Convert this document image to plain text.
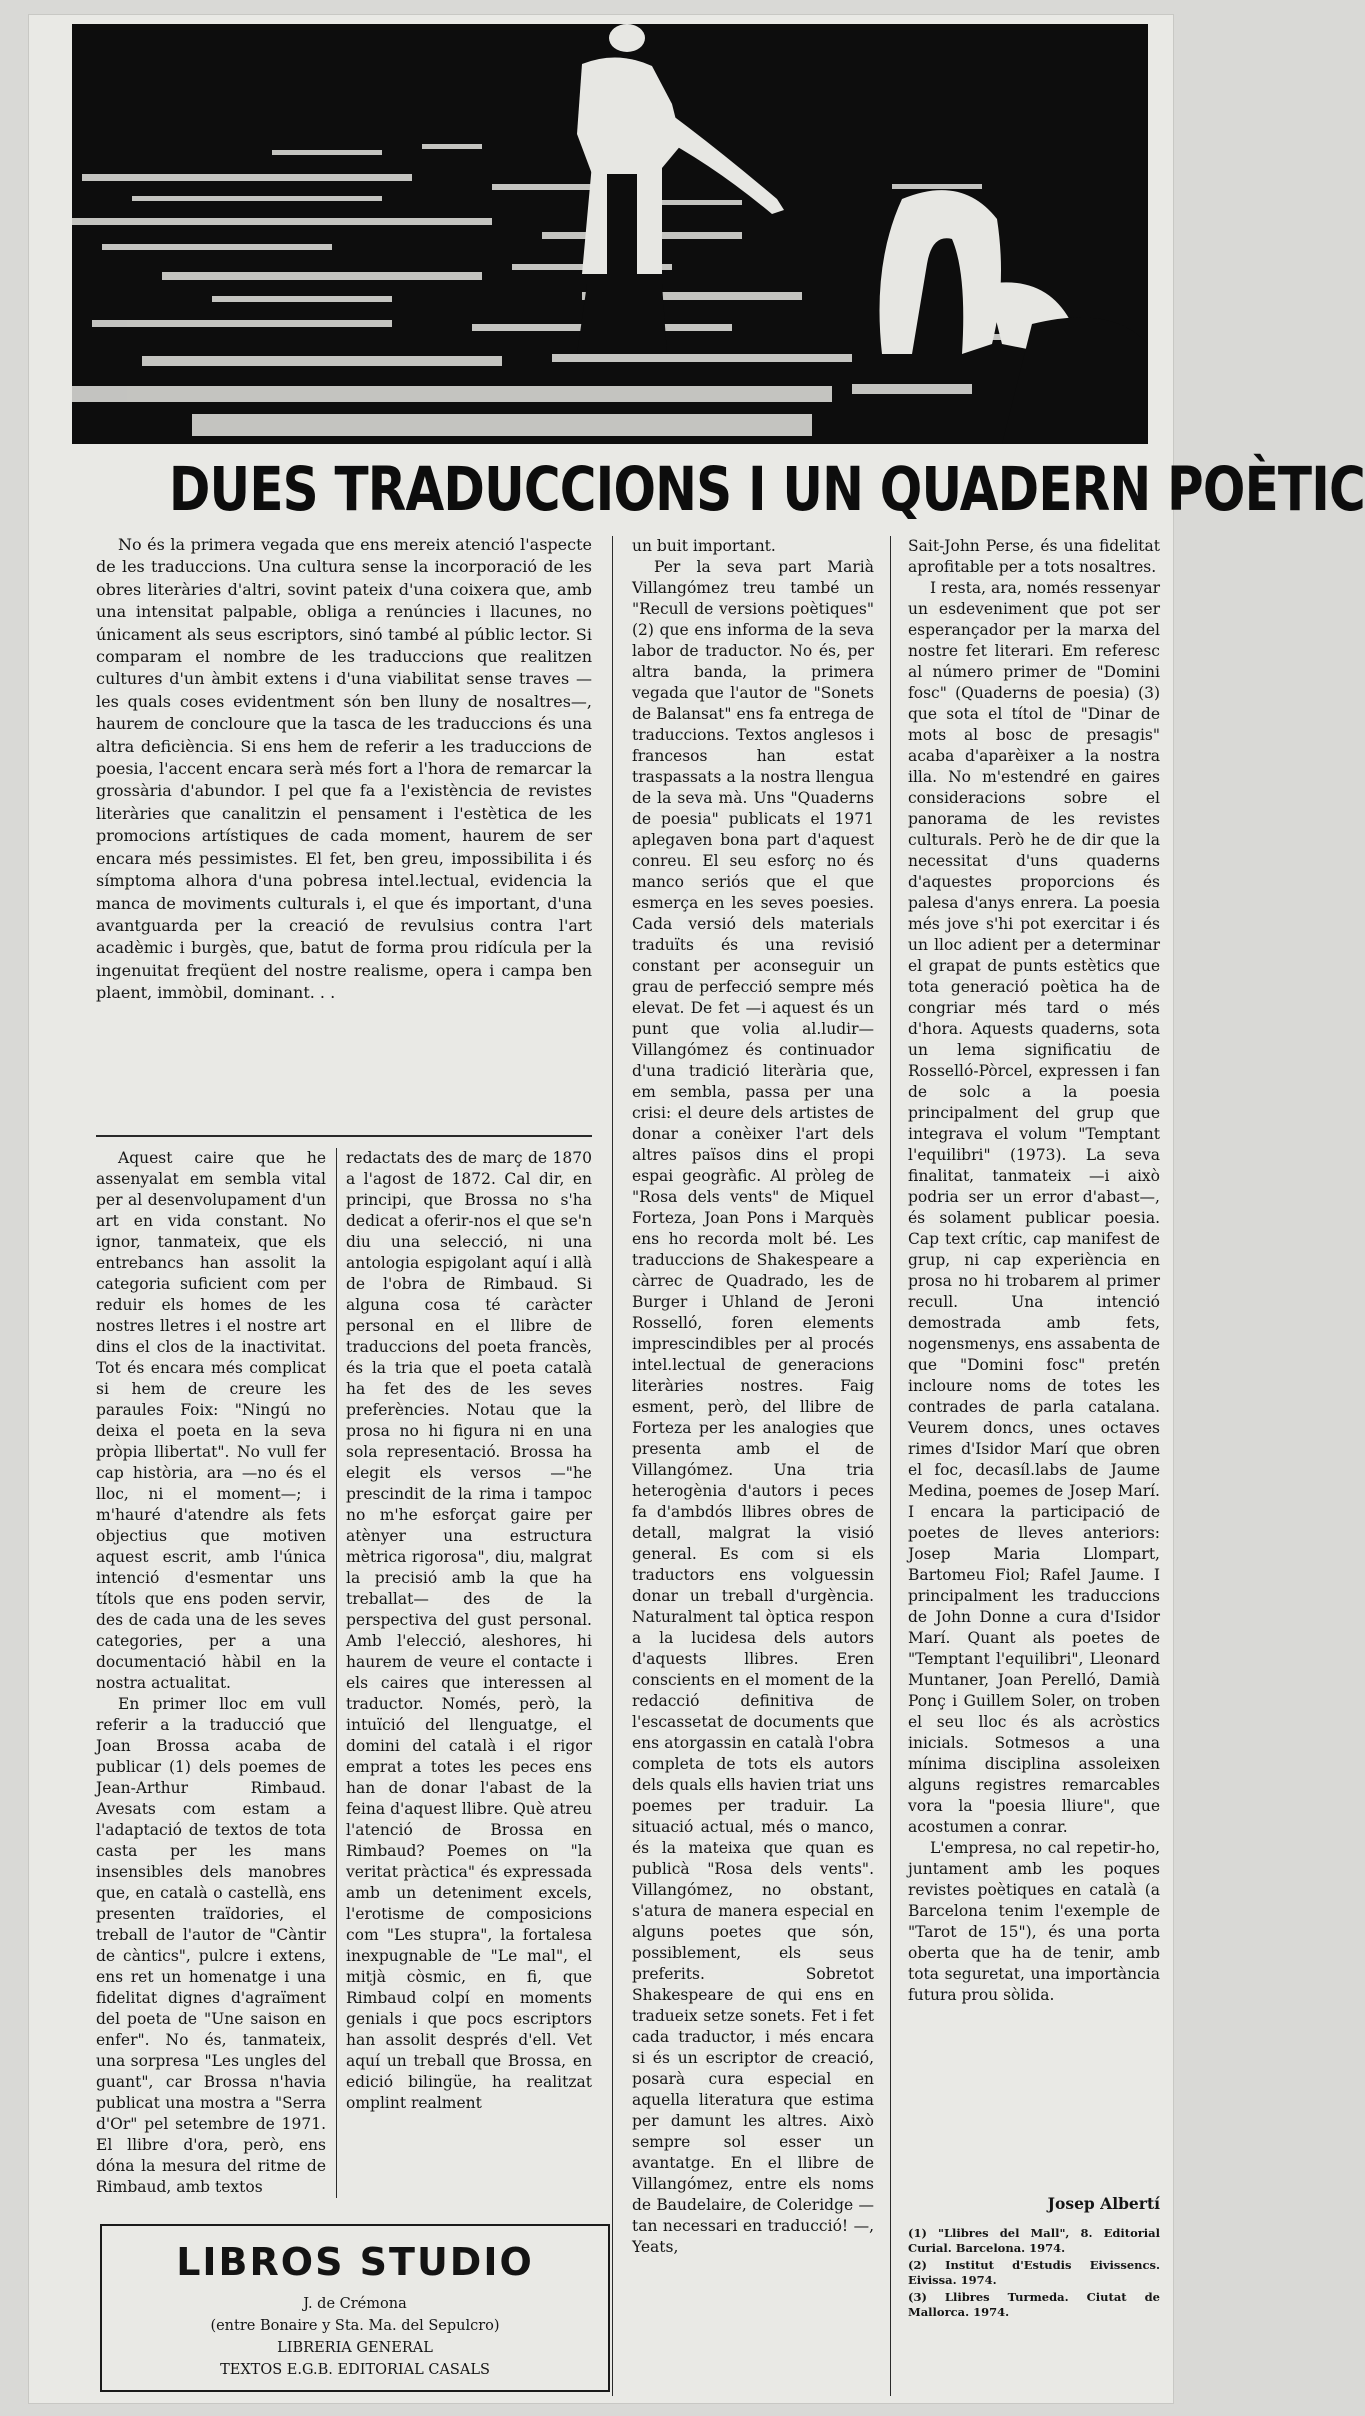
DUES TRADUCCIONS I UN QUADERN POÈTIC

No és la primera vegada que ens mereix atenció l'aspecte de les traduccions. Una cultura sense la incorporació de les obres literàries d'altri, sovint pateix d'una coixera que, amb una intensitat palpable, obliga a renúncies i llacunes, no únicament als seus escriptors, sinó també al públic lector. Si comparam el nombre de les traduccions que realitzen cultures d'un àmbit extens i d'una viabilitat sense traves —les quals coses evidentment són ben lluny de nosaltres—, haurem de concloure que la tasca de les traduccions és una altra deficiència. Si ens hem de referir a les traduccions de poesia, l'accent encara serà més fort a l'hora de remarcar la grossària d'abundor. I pel que fa a l'existència de revistes literàries que canalitzin el pensament i l'estètica de les promocions artístiques de cada moment, haurem de ser encara més pessimistes. El fet, ben greu, impossibilita i és símptoma alhora d'una pobresa intel.lectual, evidencia la manca de moviments culturals i, el que és important, d'una avantguarda per la creació de revulsius contra l'art acadèmic i burgès, que, batut de forma prou ridícula per la ingenuitat freqüent del nostre realisme, opera i campa ben plaent, immòbil, dominant. . .

Aquest caire que he assenyalat em sembla vital per al desenvolupament d'un art en vida constant. No ignor, tanmateix, que els entrebancs han assolit la categoria suficient com per reduir els homes de les nostres lletres i el nostre art dins el clos de la inactivitat. Tot és encara més complicat si hem de creure les paraules Foix: "Ningú no deixa el poeta en la seva pròpia llibertat". No vull fer cap història, ara —no és el lloc, ni el moment—; i m'hauré d'atendre als fets objectius que motiven aquest escrit, amb l'única intenció d'esmentar uns títols que ens poden servir, des de cada una de les seves categories, per a una documentació hàbil en la nostra actualitat.

En primer lloc em vull referir a la traducció que Joan Brossa acaba de publicar (1) dels poemes de Jean-Arthur Rimbaud. Avesats com estam a l'adaptació de textos de tota casta per les mans insensibles dels manobres que, en català o castellà, ens presenten traïdories, el treball de l'autor de "Càntir de càntics", pulcre i extens, ens ret un homenatge i una fidelitat dignes d'agraïment del poeta de "Une saison en enfer". No és, tanmateix, una sorpresa "Les ungles del guant", car Brossa n'havia publicat una mostra a "Serra d'Or" pel setembre de 1971. El llibre d'ora, però, ens dóna la mesura del ritme de Rimbaud, amb textos

redactats des de març de 1870 a l'agost de 1872. Cal dir, en principi, que Brossa no s'ha dedicat a oferir-nos el que se'n diu una selecció, ni una antologia espigolant aquí i allà de l'obra de Rimbaud. Si alguna cosa té caràcter personal en el llibre de traduccions del poeta francès, és la tria que el poeta català ha fet des de les seves preferències. Notau que la prosa no hi figura ni en una sola representació. Brossa ha elegit els versos —"he prescindit de la rima i tampoc no m'he esforçat gaire per atènyer una estructura mètrica rigorosa", diu, malgrat la precisió amb la que ha treballat— des de la perspectiva del gust personal. Amb l'elecció, aleshores, hi haurem de veure el contacte i els caires que interessen al traductor. Només, però, la intuïció del llenguatge, el domini del català i el rigor emprat a totes les peces ens han de donar l'abast de la feina d'aquest llibre. Què atreu l'atenció de Brossa en Rimbaud? Poemes on "la veritat pràctica" és expressada amb un deteniment excels, l'erotisme de composicions com "Les stupra", la fortalesa inexpugnable de "Le mal", el mitjà còsmic, en fi, que Rimbaud colpí en moments genials i que pocs escriptors han assolit després d'ell. Vet aquí un treball que Brossa, en edició bilingüe, ha realitzat omplint realment

un buit important.

Per la seva part Marià Villangómez treu també un "Recull de versions poètiques" (2) que ens informa de la seva labor de traductor. No és, per altra banda, la primera vegada que l'autor de "Sonets de Balansat" ens fa entrega de traduccions. Textos anglesos i francesos han estat traspassats a la nostra llengua de la seva mà. Uns "Quaderns de poesia" publicats el 1971 aplegaven bona part d'aquest conreu. El seu esforç no és manco seriós que el que esmerça en les seves poesies. Cada versió dels materials traduïts és una revisió constant per aconseguir un grau de perfecció sempre més elevat. De fet —i aquest és un punt que volia al.ludir— Villangómez és continuador d'una tradició literària que, em sembla, passa per una crisi: el deure dels artistes de donar a conèixer l'art dels altres països dins el propi espai geogràfic. Al pròleg de "Rosa dels vents" de Miquel Forteza, Joan Pons i Marquès ens ho recorda molt bé. Les traduccions de Shakespeare a càrrec de Quadrado, les de Burger i Uhland de Jeroni Rosselló, foren elements imprescindibles per al procés intel.lectual de generacions literàries nostres. Faig esment, però, del llibre de Forteza per les analogies que presenta amb el de Villangómez. Una tria heterogènia d'autors i peces fa d'ambdós llibres obres de detall, malgrat la visió general. Es com si els traductors ens volguessin donar un treball d'urgència. Naturalment tal òptica respon a la lucidesa dels autors d'aquests llibres. Eren conscients en el moment de la redacció definitiva de l'escassetat de documents que ens atorgassin en català l'obra completa de tots els autors dels quals ells havien triat uns poemes per traduir. La situació actual, més o manco, és la mateixa que quan es publicà "Rosa dels vents". Villangómez, no obstant, s'atura de manera especial en alguns poetes que són, possiblement, els seus preferits. Sobretot Shakespeare de qui ens en tradueix setze sonets. Fet i fet cada traductor, i més encara si és un escriptor de creació, posarà cura especial en aquella literatura que estima per damunt les altres. Això sempre sol esser un avantatge. En el llibre de Villangómez, entre els noms de Baudelaire, de Coleridge —tan necessari en traducció! —, Yeats,

Sait-John Perse, és una fidelitat aprofitable per a tots nosaltres.

I resta, ara, només ressenyar un esdeveniment que pot ser esperançador per la marxa del nostre fet literari. Em referesc al número primer de "Domini fosc" (Quaderns de poesia) (3) que sota el títol de "Dinar de mots al bosc de presagis" acaba d'aparèixer a la nostra illa. No m'estendré en gaires consideracions sobre el panorama de les revistes culturals. Però he de dir que la necessitat d'uns quaderns d'aquestes proporcions és palesa d'anys enrera. La poesia més jove s'hi pot exercitar i és un lloc adient per a determinar el grapat de punts estètics que tota generació poètica ha de congriar més tard o més d'hora. Aquests quaderns, sota un lema significatiu de Rosselló-Pòrcel, expressen i fan de solc a la poesia principalment del grup que integrava el volum "Temptant l'equilibri" (1973). La seva finalitat, tanmateix —i això podria ser un error d'abast—, és solament publicar poesia. Cap text crític, cap manifest de grup, ni cap experiència en prosa no hi trobarem al primer recull. Una intenció demostrada amb fets, nogensmenys, ens assabenta de que "Domini fosc" pretén incloure noms de totes les contrades de parla catalana. Veurem doncs, unes octaves rimes d'Isidor Marí que obren el foc, decasíl.labs de Jaume Medina, poemes de Josep Marí. I encara la participació de poetes de lleves anteriors: Josep Maria Llompart, Bartomeu Fiol; Rafel Jaume. I principalment les traduccions de John Donne a cura d'Isidor Marí. Quant als poetes de "Temptant l'equilibri", Lleonard Muntaner, Joan Perelló, Damià Ponç i Guillem Soler, on troben el seu lloc és als acròstics inicials. Sotmesos a una mínima disciplina assoleixen alguns registres remarcables vora la "poesia lliure", que acostumen a conrar.

L'empresa, no cal repetir-ho, juntament amb les poques revistes poètiques en català (a Barcelona tenim l'exemple de "Tarot de 15"), és una porta oberta que ha de tenir, amb tota seguretat, una importància futura prou sòlida.

Josep Albertí

(1) "Llibres del Mall", 8. Editorial Curial. Barcelona. 1974.
(2) Institut d'Estudis Eivissencs. Eivissa. 1974.
(3) Llibres Turmeda. Ciutat de Mallorca. 1974.
LIBROS STUDIO
J. de Crémona
(entre Bonaire y Sta. Ma. del Sepulcro)
LIBRERIA GENERAL
TEXTOS E.G.B. EDITORIAL CASALS
